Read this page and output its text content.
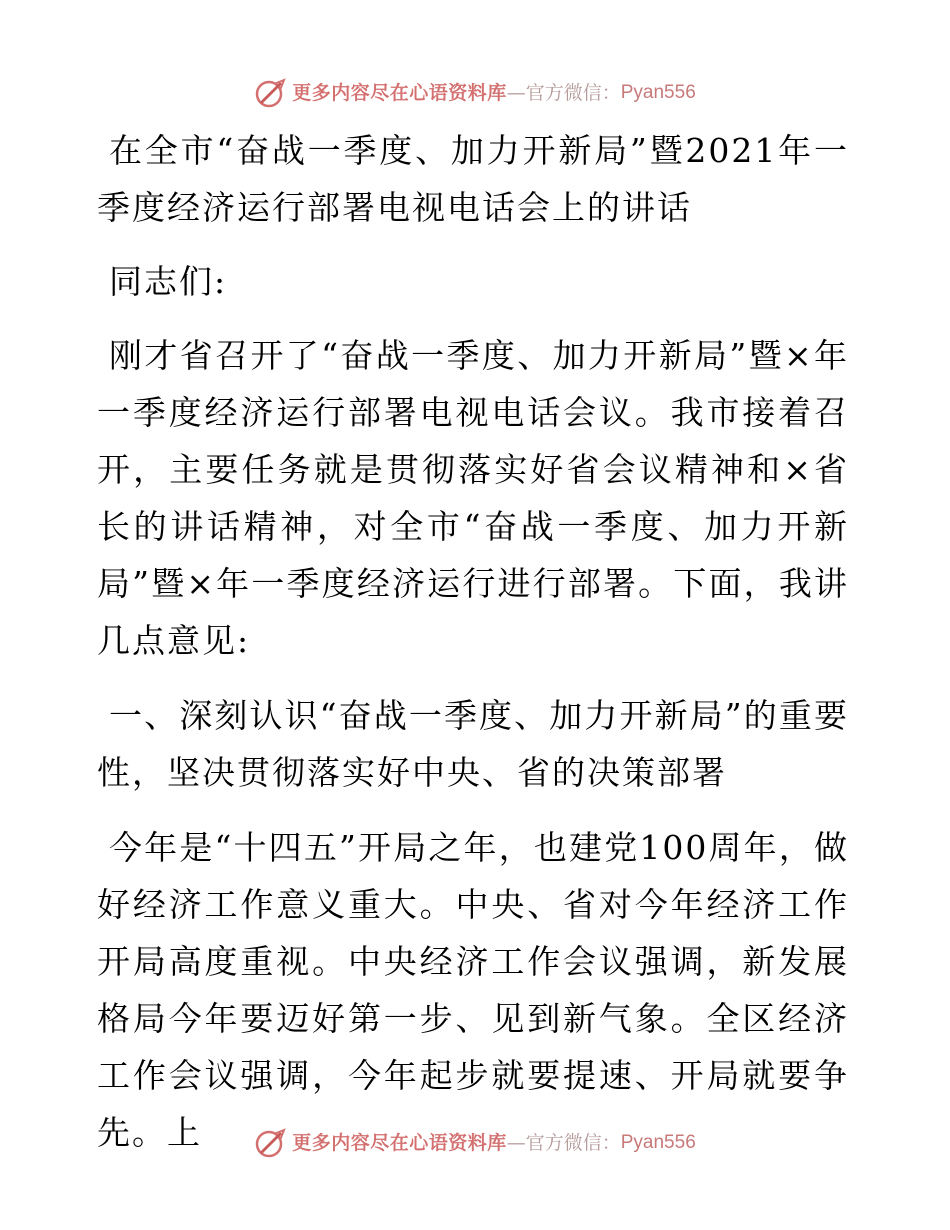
更多内容尽在心语资料库 — 官方微信： Pyan556

在全市“奋战一季度、加力开新局”暨2021年一季度经济运行部署电视电话会上的讲话

同志们:

刚才省召开了“奋战一季度、加力开新局”暨×年一季度经济运行部署电视电话会议。我市接着召开，主要任务就是贯彻落实好省会议精神和×省长的讲话精神，对全市“奋战一季度、加力开新局”暨×年一季度经济运行进行部署。下面，我讲几点意见:

一、深刻认识“奋战一季度、加力开新局”的重要性，坚决贯彻落实好中央、省的决策部署

今年是“十四五”开局之年，也建党100周年，做好经济工作意义重大。中央、省对今年经济工作开局高度重视。中央经济工作会议强调，新发展格局今年要迈好第一步、见到新气象。全区经济工作会议强调，今年起步就要提速、开局就要争先。上	更多内容尽在心语资料库 — 官方微信： Pyan556
